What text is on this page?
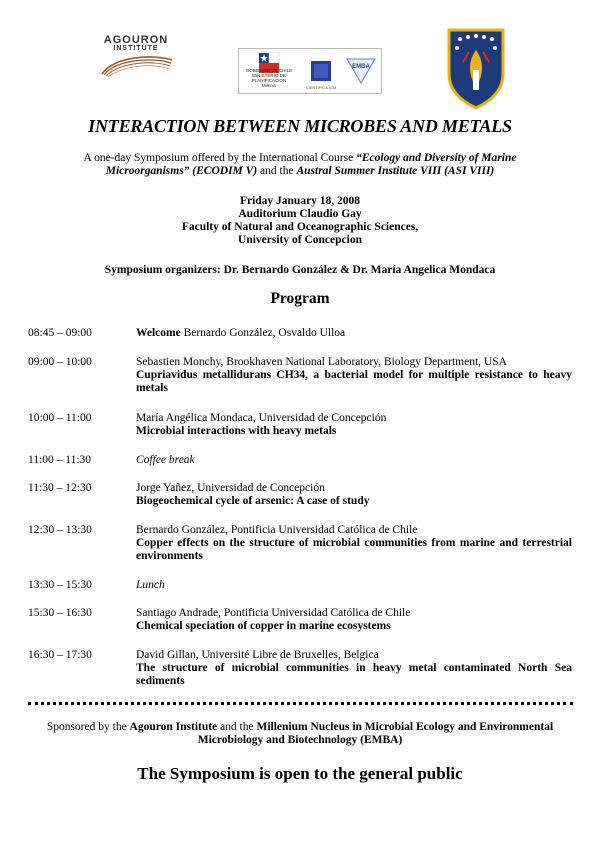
AGOURON
INSTITUTE
GOBIERNO DE CHILE
MINISTERIO DE PLANIFICACION
Milenio	CIENTIFICA ICM
EMBA
INTERACTION BETWEEN MICROBES AND METALS
A one-day Symposium offered by the International Course “Ecology and Diversity of Marine Microorganisms” (ECODIM V) and the Austral Summer Institute VIII (ASI VIII)
Friday January 18, 2008
Auditorium Claudio Gay
Faculty of Natural and Oceanographic Sciences,
University of Concepcion
Symposium organizers: Dr. Bernardo González & Dr. María Angelica Mondaca
Program
08:45 – 09:00	Welcome Bernardo González, Osvaldo Ulloa
09:00 – 10:00	Sebastien Monchy, Brookhaven National Laboratory, Biology Department, USA
Cupriavidus metallidurans CH34, a bacterial model for multiple resistance to heavy metals
10:00 – 11:00	María Angélica Mondaca, Universidad de Concepción
Microbial interactions with heavy metals
11:00 – 11:30	Coffee break
11:30 – 12:30	Jorge Yañez, Universidad de Concepción
Biogeochemical cycle of arsenic: A case of study
12:30 – 13:30	Bernardo González, Pontificia Universidad Católica de Chile
Copper effects on the structure of microbial communities from marine and terrestrial environments
13:30 – 15:30	Lunch
15:30 – 16:30	Santiago Andrade, Pontificia Universidad Católica de Chile
Chemical speciation of copper in marine ecosystems
16:30 – 17:30	David Gillan, Université Libre de Bruxelles, Belgica
The structure of microbial communities in heavy metal contaminated North Sea sediments
Sponsored by the Agouron Institute and the Millenium Nucleus in Microbial Ecology and Environmental Microbiology and Biotechnology (EMBA)
The Symposium is open to the general public
